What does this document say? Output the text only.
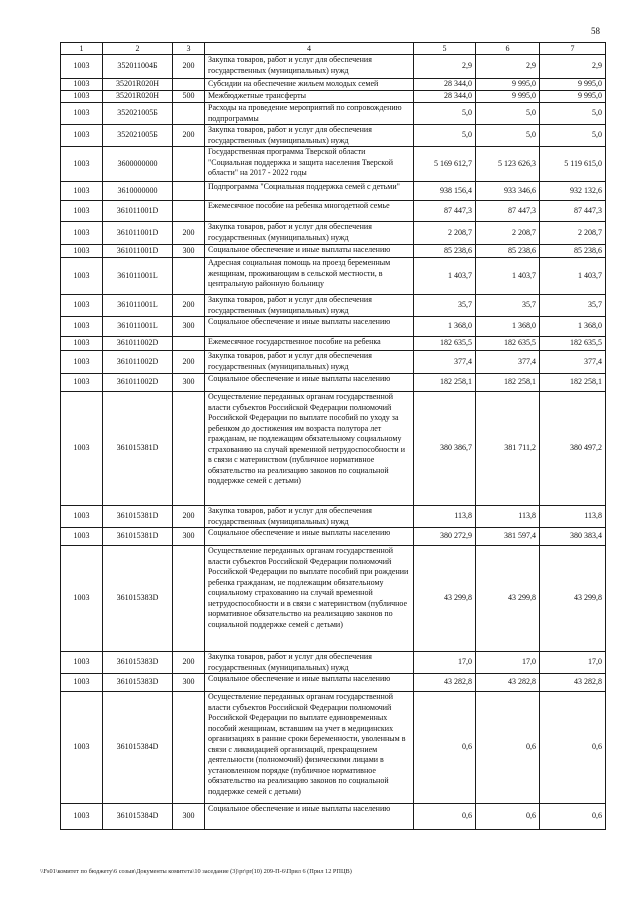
58
1	2	3	4	5	6	7
1003	352011004Б	200	Закупка товаров, работ и услуг для обеспечения государственных (муниципальных) нужд	2,9	2,9	2,9
1003	35201R020Н		Субсидии на обеспечение жильем молодых семей	28 344,0	9 995,0	9 995,0
1003	35201R020Н	500	Межбюджетные трансферты	28 344,0	9 995,0	9 995,0
1003	352021005Б		Расходы на проведение мероприятий по сопровождению подпрограммы	5,0	5,0	5,0
1003	352021005Б	200	Закупка товаров, работ и услуг для обеспечения государственных (муниципальных) нужд	5,0	5,0	5,0
1003	3600000000		Государственная программа Тверской области "Социальная поддержка и защита населения Тверской области" на 2017 - 2022 годы	5 169 612,7	5 123 626,3	5 119 615,0
1003	3610000000		Подпрограмма "Социальная поддержка семей с детьми"	938 156,4	933 346,6	932 132,6
1003	361011001D		Ежемесячное пособие на ребенка многодетной семье	87 447,3	87 447,3	87 447,3
1003	361011001D	200	Закупка товаров, работ и услуг для обеспечения государственных (муниципальных) нужд	2 208,7	2 208,7	2 208,7
1003	361011001D	300	Социальное обеспечение и иные выплаты населению	85 238,6	85 238,6	85 238,6
1003	361011001L		Адресная социальная помощь на проезд беременным женщинам, проживающим в сельской местности, в центральную районную больницу	1 403,7	1 403,7	1 403,7
1003	361011001L	200	Закупка товаров, работ и услуг для обеспечения государственных (муниципальных) нужд	35,7	35,7	35,7
1003	361011001L	300	Социальное обеспечение и иные выплаты населению	1 368,0	1 368,0	1 368,0
1003	361011002D		Ежемесячное государственное пособие на ребенка	182 635,5	182 635,5	182 635,5
1003	361011002D	200	Закупка товаров, работ и услуг для обеспечения государственных (муниципальных) нужд	377,4	377,4	377,4
1003	361011002D	300	Социальное обеспечение и иные выплаты населению	182 258,1	182 258,1	182 258,1
1003	361015381D		Осуществление переданных органам государственной власти субъектов Российской Федерации полномочий Российской Федерации по выплате пособий по уходу за ребенком до достижения им возраста полутора лет гражданам, не подлежащим обязательному социальному страхованию на случай временной нетрудоспособности и в связи с материнством (публичное нормативное обязательство на реализацию законов по социальной поддержке семей с детьми)	380 386,7	381 711,2	380 497,2
1003	361015381D	200	Закупка товаров, работ и услуг для обеспечения государственных (муниципальных) нужд	113,8	113,8	113,8
1003	361015381D	300	Социальное обеспечение и иные выплаты населению	380 272,9	381 597,4	380 383,4
1003	361015383D		Осуществление переданных органам государственной власти субъектов Российской Федерации полномочий Российской Федерации по выплате пособий при рождении ребенка гражданам, не подлежащим обязательному социальному страхованию на случай временной нетрудоспособности и в связи с материнством (публичное нормативное обязательство на реализацию законов по социальной поддержке семей с детьми)	43 299,8	43 299,8	43 299,8
1003	361015383D	200	Закупка товаров, работ и услуг для обеспечения государственных (муниципальных) нужд	17,0	17,0	17,0
1003	361015383D	300	Социальное обеспечение и иные выплаты населению	43 282,8	43 282,8	43 282,8
1003	361015384D		Осуществление переданных органам государственной власти субъектов Российской Федерации полномочий Российской Федерации по выплате единовременных пособий женщинам, вставшим на учет в медицинских организациях в ранние сроки беременности, уволенным в связи с ликвидацией организаций, прекращением деятельности (полномочий) физическими лицами в установленном порядке (публичное нормативное обязательство на реализацию законов по социальной поддержке семей с детьми)	0,6	0,6	0,6
1003	361015384D	300	Социальное обеспечение и иные выплаты населению	0,6	0,6	0,6
\\Fs01\комитет по бюджету\6 созыв\Документы комитета\10 заседание (3)\pr\pr(10) 209-П-6\Прил 6 (Прил 12 РПЦВ)
